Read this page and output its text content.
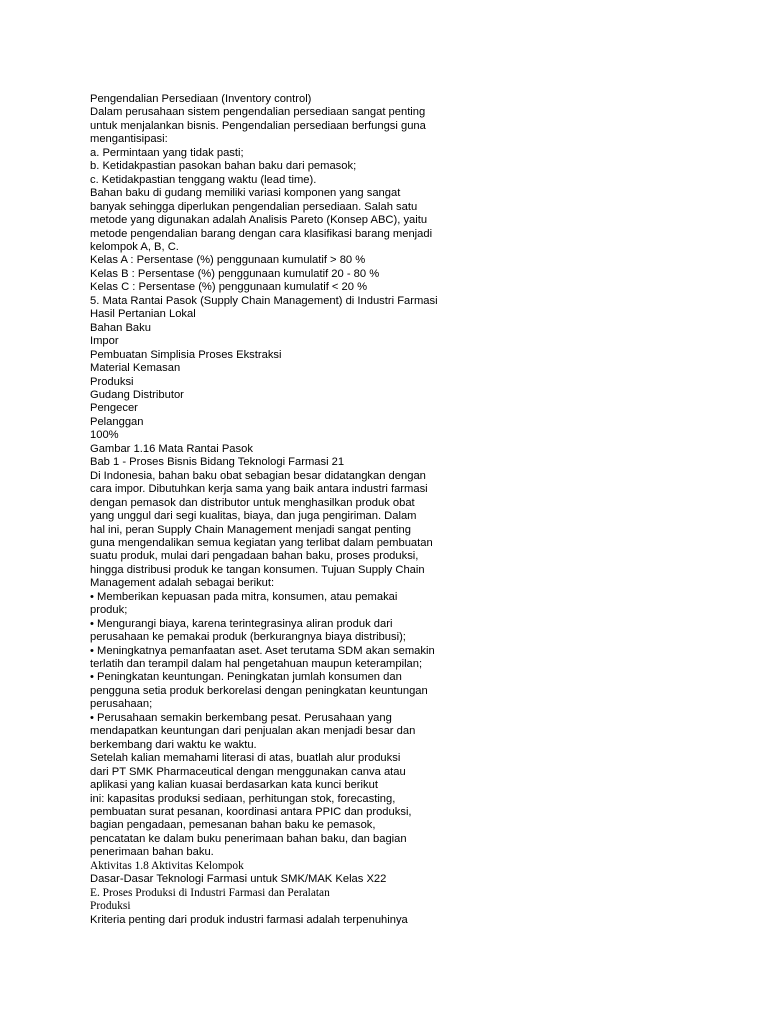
Pengendalian Persediaan (Inventory control)
Dalam perusahaan sistem pengendalian persediaan sangat penting
untuk menjalankan bisnis. Pengendalian persediaan berfungsi guna
mengantisipasi:
a. Permintaan yang tidak pasti;
b. Ketidakpastian pasokan bahan baku dari pemasok;
c. Ketidakpastian tenggang waktu (lead time).
Bahan baku di gudang memiliki variasi komponen yang sangat
banyak sehingga diperlukan pengendalian persediaan. Salah satu
metode yang digunakan adalah Analisis Pareto (Konsep ABC), yaitu
metode pengendalian barang dengan cara klasifikasi barang menjadi
kelompok A, B, C.
Kelas A : Persentase (%) penggunaan kumulatif > 80 %
Kelas B : Persentase (%) penggunaan kumulatif 20 - 80 %
Kelas C : Persentase (%) penggunaan kumulatif < 20 %
5. Mata Rantai Pasok (Supply Chain Management) di Industri Farmasi
Hasil Pertanian Lokal
Bahan Baku
Impor
Pembuatan Simplisia Proses Ekstraksi
Material Kemasan
Produksi
Gudang Distributor
Pengecer
Pelanggan
100%
Gambar 1.16 Mata Rantai Pasok
Bab 1 - Proses Bisnis Bidang Teknologi Farmasi 21
Di Indonesia, bahan baku obat sebagian besar didatangkan dengan
cara impor. Dibutuhkan kerja sama yang baik antara industri farmasi
dengan pemasok dan distributor untuk menghasilkan produk obat
yang unggul dari segi kualitas, biaya, dan juga pengiriman. Dalam
hal ini, peran Supply Chain Management menjadi sangat penting
guna mengendalikan semua kegiatan yang terlibat dalam pembuatan
suatu produk, mulai dari pengadaan bahan baku, proses produksi,
hingga distribusi produk ke tangan konsumen. Tujuan Supply Chain
Management adalah sebagai berikut:
• Memberikan kepuasan pada mitra, konsumen, atau pemakai
produk;
• Mengurangi biaya, karena terintegrasinya aliran produk dari
perusahaan ke pemakai produk (berkurangnya biaya distribusi);
• Meningkatnya pemanfaatan aset. Aset terutama SDM akan semakin
terlatih dan terampil dalam hal pengetahuan maupun keterampilan;
• Peningkatan keuntungan. Peningkatan jumlah konsumen dan
pengguna setia produk berkorelasi dengan peningkatan keuntungan
perusahaan;
• Perusahaan semakin berkembang pesat. Perusahaan yang
mendapatkan keuntungan dari penjualan akan menjadi besar dan
berkembang dari waktu ke waktu.
Setelah kalian memahami literasi di atas, buatlah alur produksi
dari PT SMK Pharmaceutical dengan menggunakan canva atau
aplikasi yang kalian kuasai berdasarkan kata kunci berikut
ini: kapasitas produksi sediaan, perhitungan stok, forecasting,
pembuatan surat pesanan, koordinasi antara PPIC dan produksi,
bagian pengadaan, pemesanan bahan baku ke pemasok,
pencatatan ke dalam buku penerimaan bahan baku, dan bagian
penerimaan bahan baku.
Aktivitas 1.8 Aktivitas Kelompok
Dasar-Dasar Teknologi Farmasi untuk SMK/MAK Kelas X22
E. Proses Produksi di Industri Farmasi dan Peralatan
Produksi
Kriteria penting dari produk industri farmasi adalah terpenuhinya
